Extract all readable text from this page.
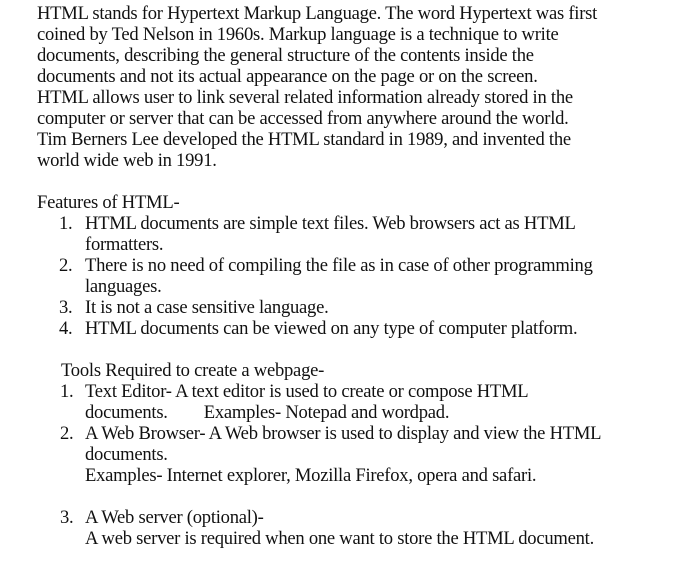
HTML stands for Hypertext Markup Language. The word Hypertext was first
coined by Ted Nelson in 1960s. Markup language is a technique to write
documents, describing the general structure of the contents inside the
documents and not its actual appearance on the page or on the screen.
HTML allows user to link several related information already stored in the
computer or server that can be accessed from anywhere around the world.
Tim Berners Lee developed the HTML standard in 1989, and invented the
world wide web in 1991.
Features of HTML-
1. HTML documents are simple text files. Web browsers act as HTML
formatters.
2. There is no need of compiling the file as in case of other programming
languages.
3. It is not a case sensitive language.
4. HTML documents can be viewed on any type of computer platform.
Tools Required to create a webpage-
1. Text Editor- A text editor is used to create or compose HTML
documents. Examples- Notepad and wordpad.
2. A Web Browser- A Web browser is used to display and view the HTML
documents.
Examples- Internet explorer, Mozilla Firefox, opera and safari.
3. A Web server (optional)-
A web server is required when one want to store the HTML document.
